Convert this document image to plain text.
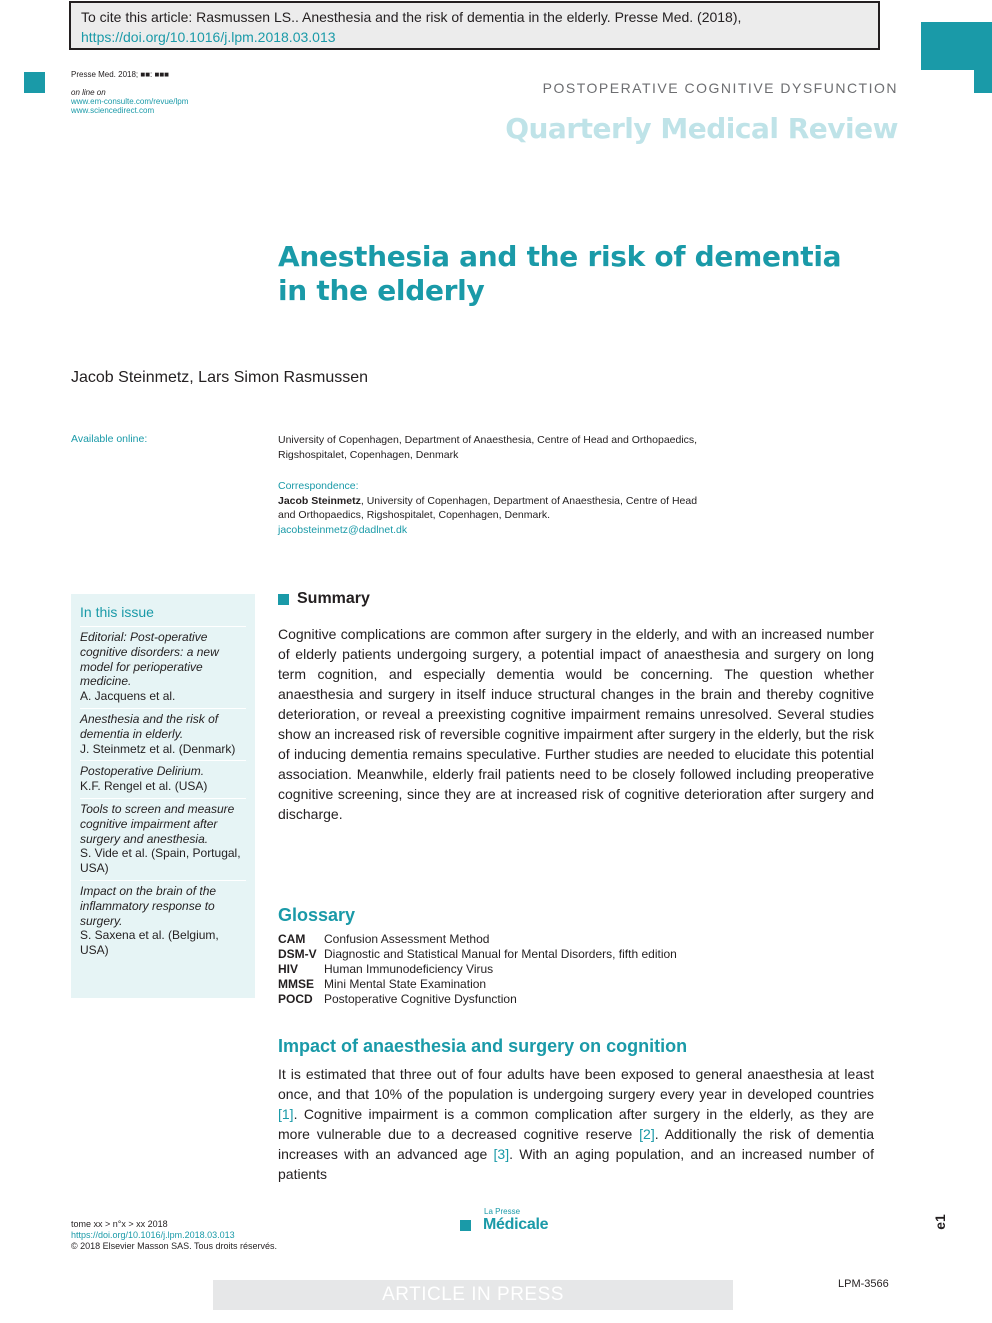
To cite this article: Rasmussen LS.. Anesthesia and the risk of dementia in the elderly. Presse Med. (2018), https://doi.org/10.1016/j.lpm.2018.03.013
Presse Med. 2018; ■■: ■■■
on line on
www.em-consulte.com/revue/lpm
www.sciencedirect.com
POSTOPERATIVE COGNITIVE DYSFUNCTION
Quarterly Medical Review
Anesthesia and the risk of dementia in the elderly
Jacob Steinmetz, Lars Simon Rasmussen
Available online:	University of Copenhagen, Department of Anaesthesia, Centre of Head and Orthopaedics, Rigshospitalet, Copenhagen, Denmark
Correspondence:
Jacob Steinmetz, University of Copenhagen, Department of Anaesthesia, Centre of Head and Orthopaedics, Rigshospitalet, Copenhagen, Denmark.
jacobsteinmetz@dadlnet.dk
In this issue
Editorial: Post-operative cognitive disorders: a new model for perioperative medicine.
A. Jacquens et al.
Anesthesia and the risk of dementia in elderly.
J. Steinmetz et al. (Denmark)
Postoperative Delirium.
K.F. Rengel et al. (USA)
Tools to screen and measure cognitive impairment after surgery and anesthesia.
S. Vide et al. (Spain, Portugal, USA)
Impact on the brain of the inflammatory response to surgery.
S. Saxena et al. (Belgium, USA)
Summary
Cognitive complications are common after surgery in the elderly, and with an increased number of elderly patients undergoing surgery, a potential impact of anaesthesia and surgery on long term cognition, and especially dementia would be concerning. The question whether anaesthesia and surgery in itself induce structural changes in the brain and thereby cognitive deterioration, or reveal a preexisting cognitive impairment remains unresolved. Several studies show an increased risk of reversible cognitive impairment after surgery in the elderly, but the risk of inducing dementia remains speculative. Further studies are needed to elucidate this potential association. Meanwhile, elderly frail patients need to be closely followed including preoperative cognitive screening, since they are at increased risk of cognitive deterioration after surgery and discharge.
Glossary
CAM	Confusion Assessment Method
DSM-V Diagnostic and Statistical Manual for Mental Disorders, fifth edition
HIV	Human Immunodeficiency Virus
MMSE Mini Mental State Examination
POCD Postoperative Cognitive Dysfunction
Impact of anaesthesia and surgery on cognition
It is estimated that three out of four adults have been exposed to general anaesthesia at least once, and that 10% of the population is undergoing surgery every year in developed countries [1]. Cognitive impairment is a common complication after surgery in the elderly, as they are more vulnerable due to a decreased cognitive reserve [2]. Additionally the risk of dementia increases with an advanced age [3]. With an aging population, and an increased number of patients
tome xx > n°x > xx 2018
https://doi.org/10.1016/j.lpm.2018.03.013
© 2018 Elsevier Masson SAS. Tous droits réservés.
La Presse
Médicale	e1
ARTICLE IN PRESS	LPM-3566
